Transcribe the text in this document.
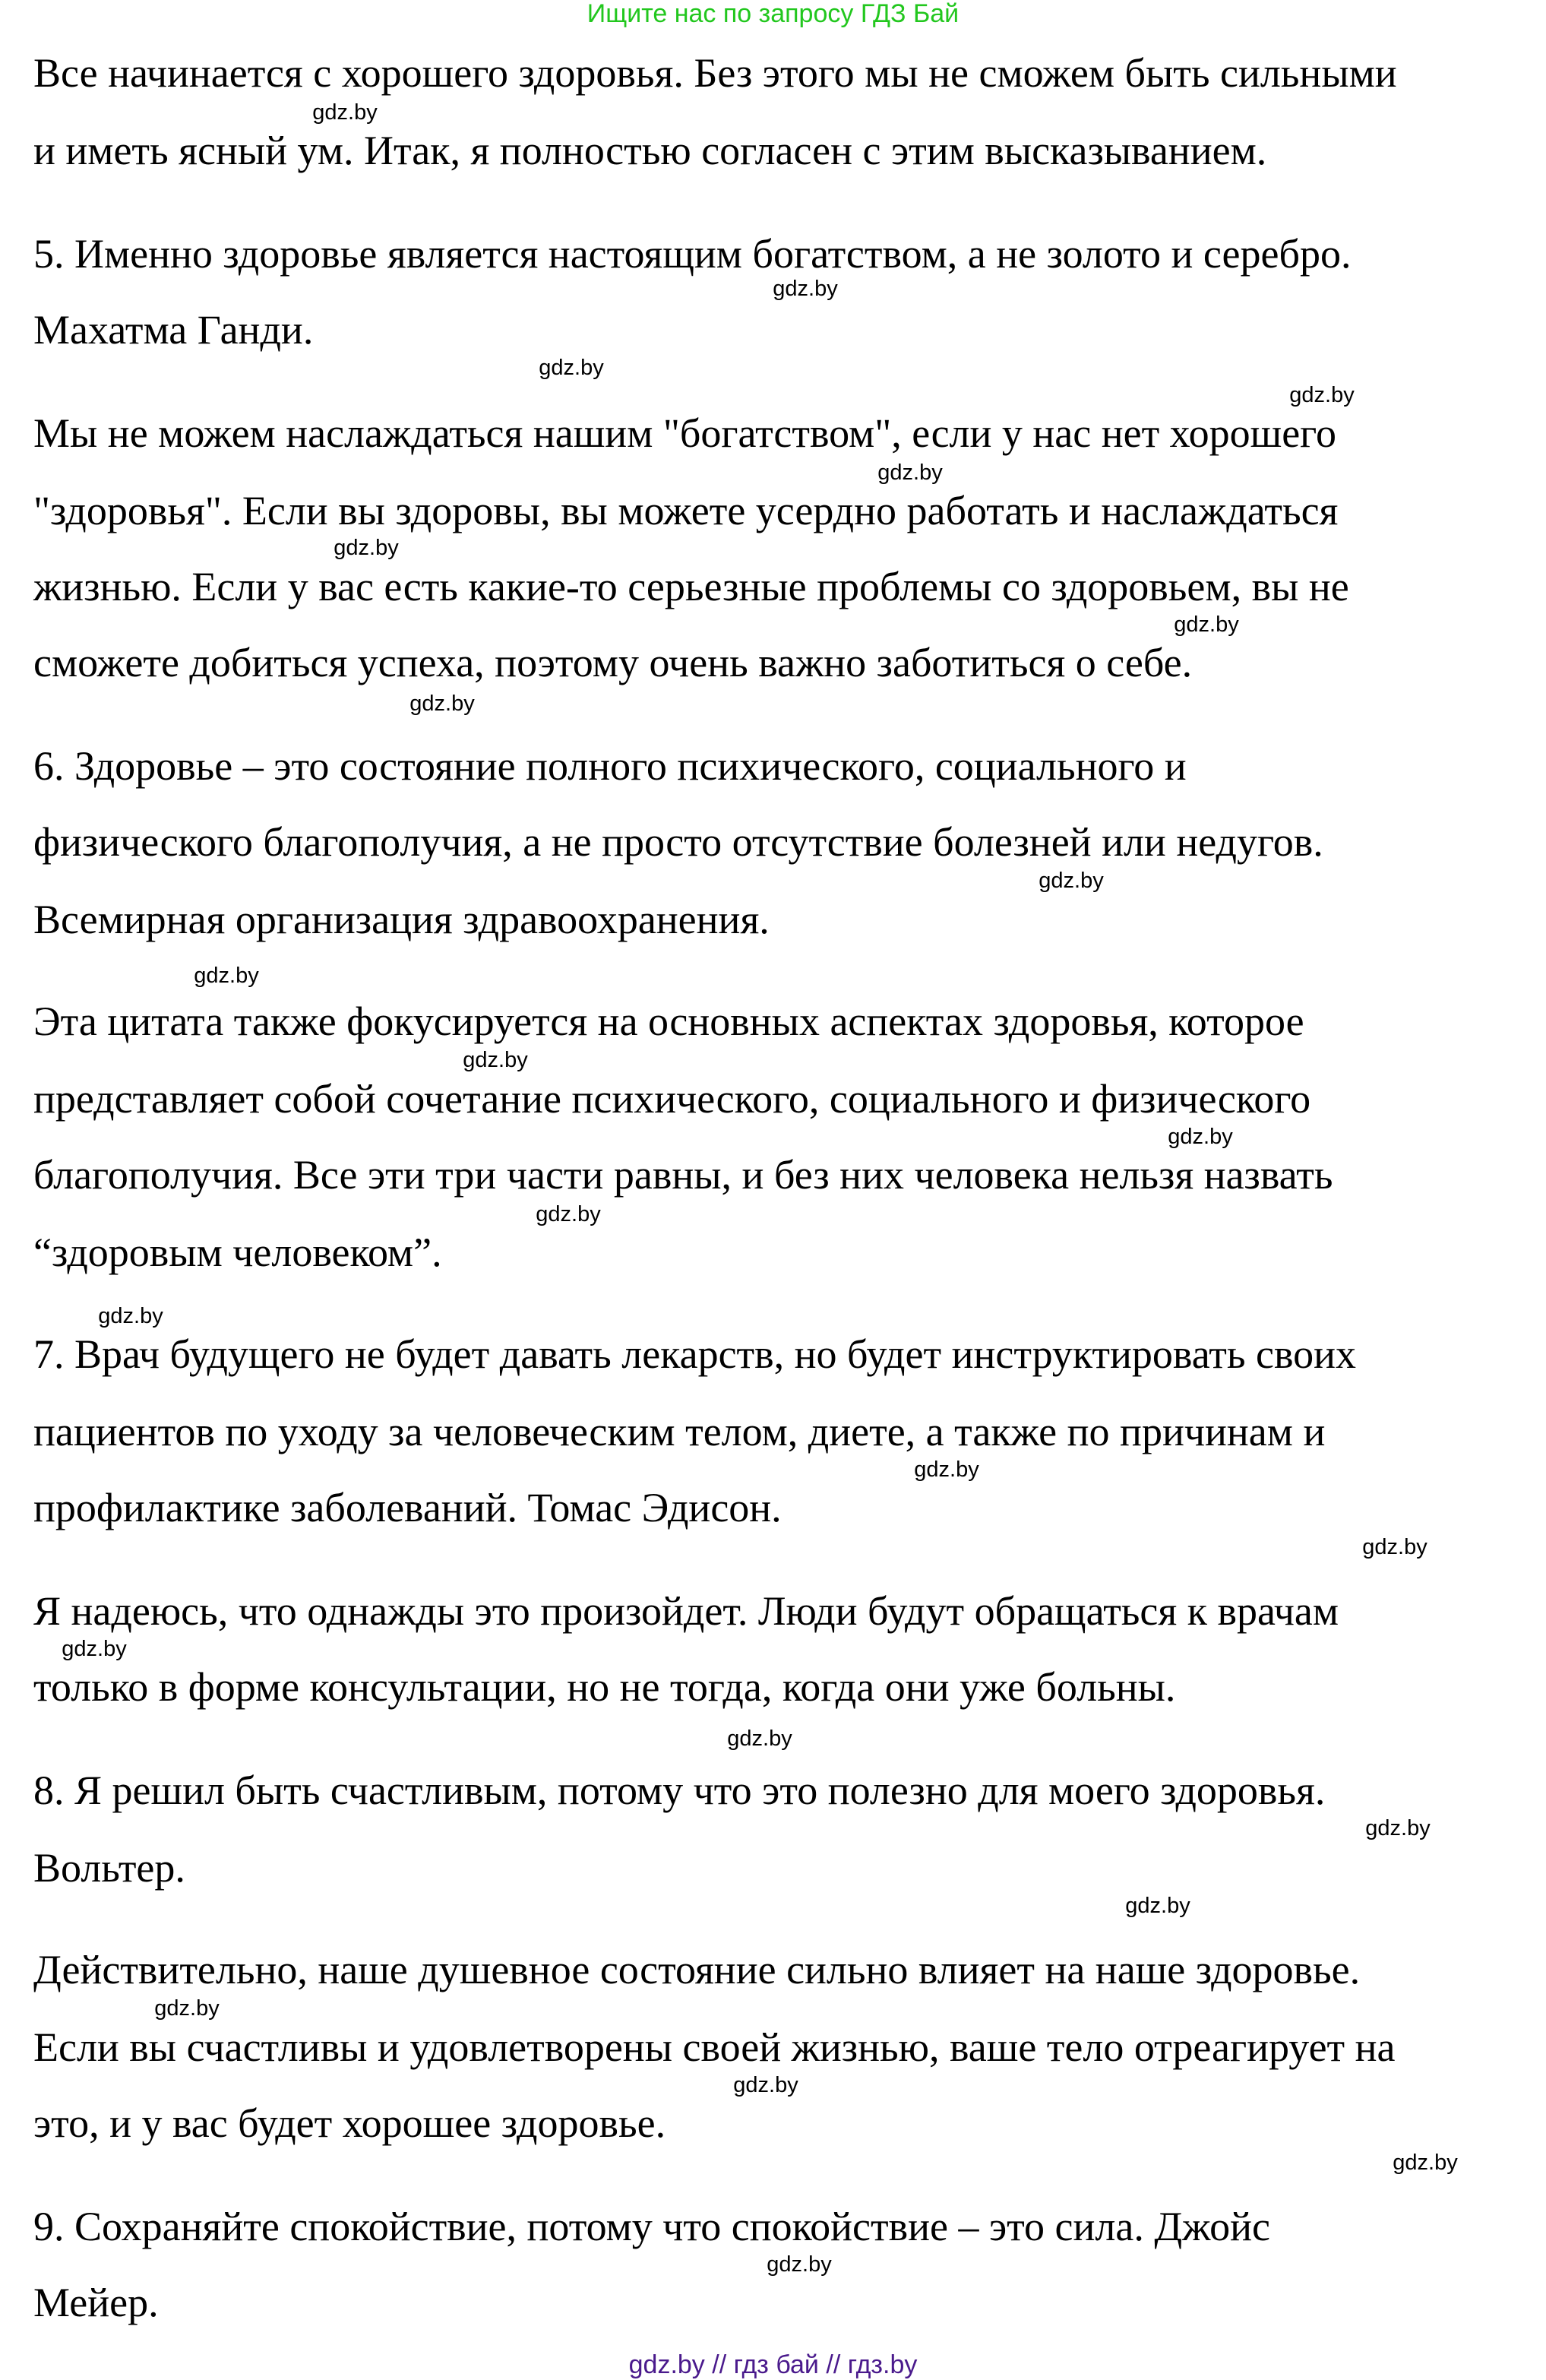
Ищите нас по запросу ГДЗ Бай
Все начинается с хорошего здоровья. Без этого мы не сможем быть сильными
и иметь ясный ум. Итак, я полностью согласен с этим высказыванием.
5. Именно здоровье является настоящим богатством, а не золото и серебро.
Махатма Ганди.
Мы не можем наслаждаться нашим "богатством", если у нас нет хорошего
"здоровья". Если вы здоровы, вы можете усердно работать и наслаждаться
жизнью. Если у вас есть какие-то серьезные проблемы со здоровьем, вы не
сможете добиться успеха, поэтому очень важно заботиться о себе.
6. Здоровье – это состояние полного психического, социального и
физического благополучия, а не просто отсутствие болезней или недугов.
Всемирная организация здравоохранения.
Эта цитата также фокусируется на основных аспектах здоровья, которое
представляет собой сочетание психического, социального и физического
благополучия. Все эти три части равны, и без них человека нельзя назвать
“здоровым человеком”.
7. Врач будущего не будет давать лекарств, но будет инструктировать своих
пациентов по уходу за человеческим телом, диете, а также по причинам и
профилактике заболеваний. Томас Эдисон.
Я надеюсь, что однажды это произойдет. Люди будут обращаться к врачам
только в форме консультации, но не тогда, когда они уже больны.
8. Я решил быть счастливым, потому что это полезно для моего здоровья.
Вольтер.
Действительно, наше душевное состояние сильно влияет на наше здоровье.
Если вы счастливы и удовлетворены своей жизнью, ваше тело отреагирует на
это, и у вас будет хорошее здоровье.
9. Сохраняйте спокойствие, потому что спокойствие – это сила. Джойс
Мейер.
gdz.by
gdz.by
gdz.by
gdz.by
gdz.by
gdz.by
gdz.by
gdz.by
gdz.by
gdz.by
gdz.by
gdz.by
gdz.by
gdz.by
gdz.by
gdz.by
gdz.by
gdz.by
gdz.by
gdz.by
gdz.by
gdz.by
gdz.by
gdz.by
gdz.by // гдз бай // гдз.by
